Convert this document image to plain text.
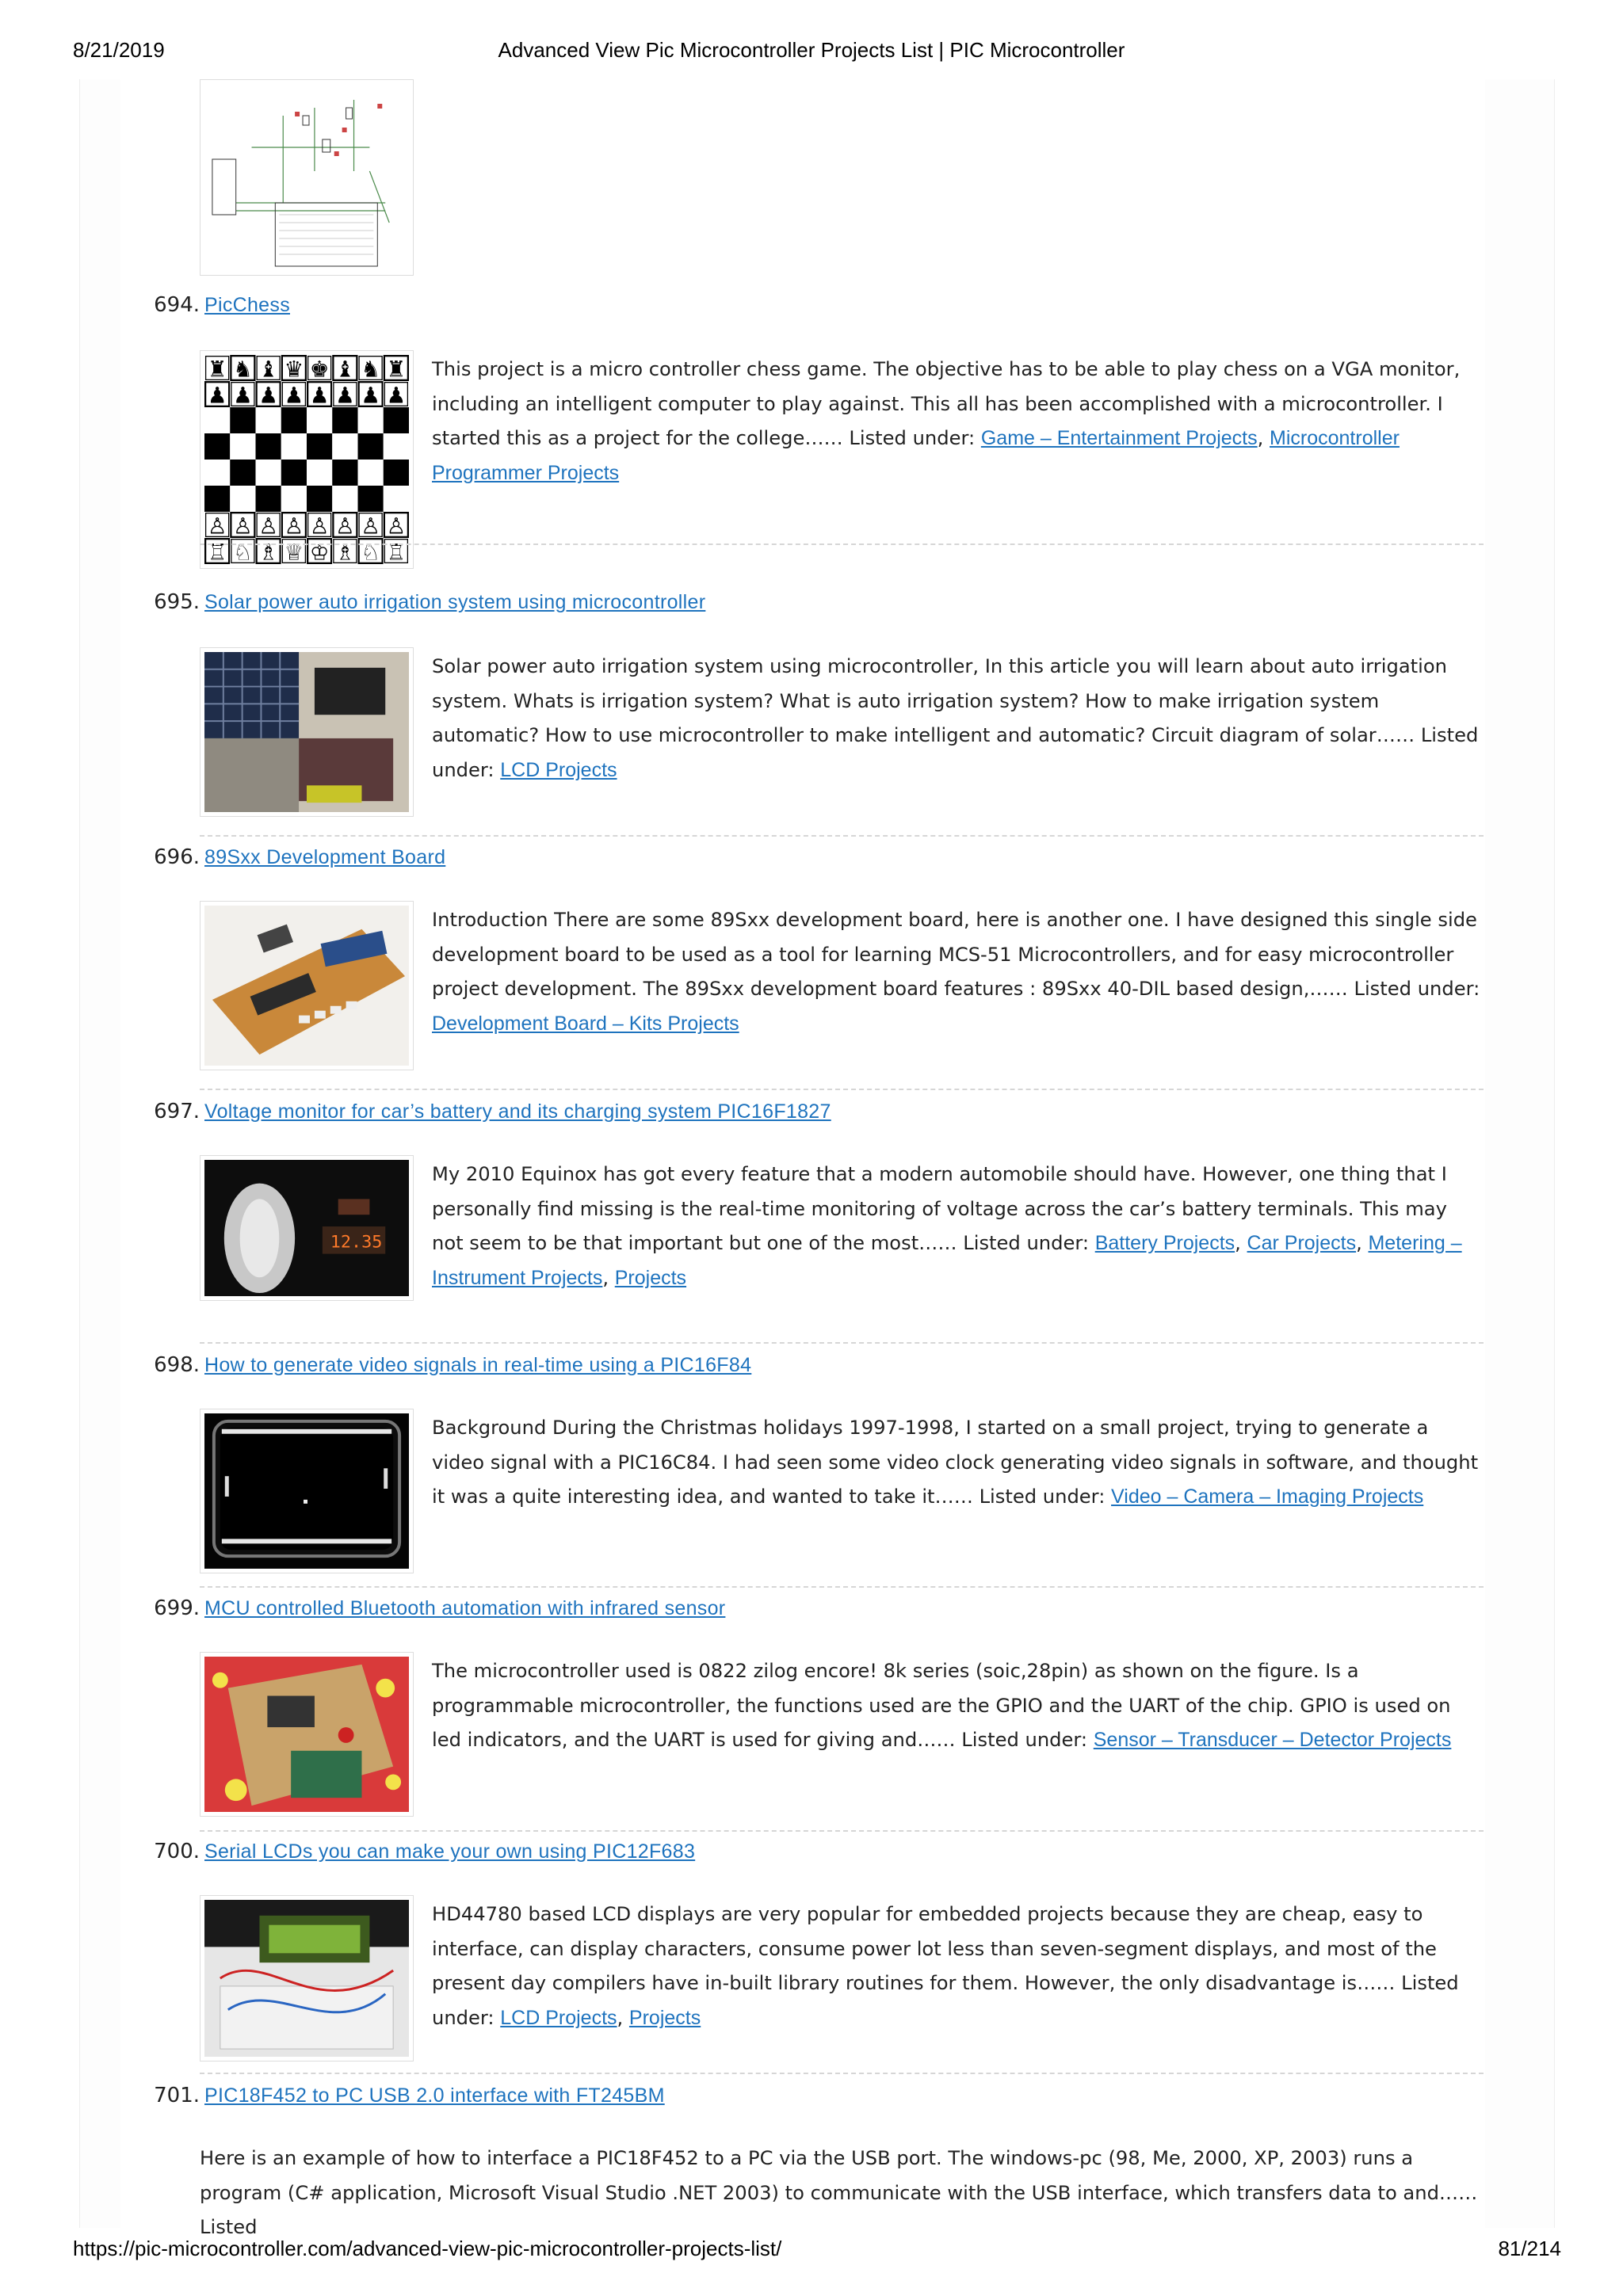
8/21/2019	Advanced View Pic Microcontroller Projects List | PIC Microcontroller
694. PicChess
This project is a micro controller chess game. The objective has to be able to play chess on a VGA monitor, including an intelligent computer to play against. This all has been accomplished with a microcontroller. I started this as a project for the college…… Listed under: Game – Entertainment Projects, Microcontroller Programmer Projects
695. Solar power auto irrigation system using microcontroller
Solar power auto irrigation system using microcontroller, In this article you will learn about auto irrigation system. Whats is irrigation system? What is auto irrigation system? How to make irrigation system automatic? How to use microcontroller to make intelligent and automatic? Circuit diagram of solar…… Listed under: LCD Projects
696. 89Sxx Development Board
Introduction There are some 89Sxx development board, here is another one. I have designed this single side development board to be used as a tool for learning MCS-51 Microcontrollers, and for easy microcontroller project development. The 89Sxx development board features : 89Sxx 40-DIL based design,…… Listed under: Development Board – Kits Projects
697. Voltage monitor for car’s battery and its charging system PIC16F1827
12.35
My 2010 Equinox has got every feature that a modern automobile should have. However, one thing that I personally find missing is the real-time monitoring of voltage across the car’s battery terminals. This may not seem to be that important but one of the most…… Listed under: Battery Projects, Car Projects, Metering – Instrument Projects, Projects
698. How to generate video signals in real-time using a PIC16F84
Background During the Christmas holidays 1997-1998, I started on a small project, trying to generate a video signal with a PIC16C84. I had seen some video clock generating video signals in software, and thought it was a quite interesting idea, and wanted to take it…… Listed under: Video – Camera – Imaging Projects
699. MCU controlled Bluetooth automation with infrared sensor
The microcontroller used is 0822 zilog encore! 8k series (soic,28pin) as shown on the figure. Is a programmable microcontroller, the functions used are the GPIO and the UART of the chip. GPIO is used on led indicators, and the UART is used for giving and…… Listed under: Sensor – Transducer – Detector Projects
700. Serial LCDs you can make your own using PIC12F683
HD44780 based LCD displays are very popular for embedded projects because they are cheap, easy to interface, can display characters, consume power lot less than seven-segment displays, and most of the present day compilers have in-built library routines for them. However, the only disadvantage is…… Listed under: LCD Projects, Projects
701. PIC18F452 to PC USB 2.0 interface with FT245BM
Here is an example of how to interface a PIC18F452 to a PC via the USB port. The windows-pc (98, Me, 2000, XP, 2003) runs a program (C# application, Microsoft Visual Studio .NET 2003) to communicate with the USB interface, which transfers data to and…… Listed
https://pic-microcontroller.com/advanced-view-pic-microcontroller-projects-list/	81/214
